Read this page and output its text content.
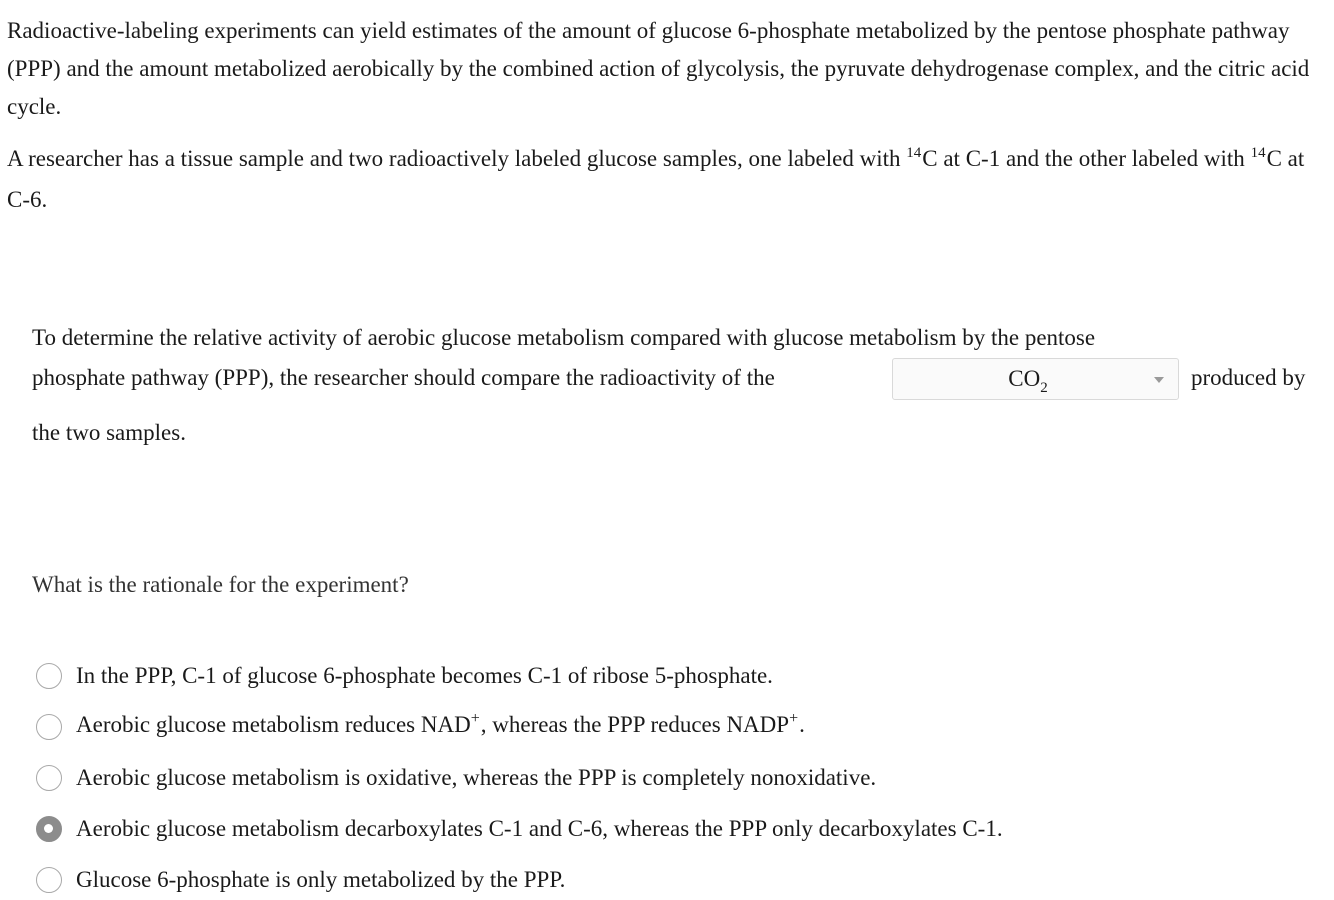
Radioactive-labeling experiments can yield estimates of the amount of glucose 6-phosphate metabolized by the pentose phosphate pathway (PPP) and the amount metabolized aerobically by the combined action of glycolysis, the pyruvate dehydrogenase complex, and the citric acid cycle.

A researcher has a tissue sample and two radioactively labeled glucose samples, one labeled with $^{14}$C at C-1 and the other labeled with $^{14}$C at C-6.

To determine the relative activity of aerobic glucose metabolism compared with glucose metabolism by the pentose
phosphate pathway (PPP), the researcher should compare the radioactivity of the
the two samples.
$CO_2$	produced by

What is the rationale for the experiment?

In the PPP, C-1 of glucose 6-phosphate becomes C-1 of ribose 5-phosphate.
Aerobic glucose metabolism reduces NAD+, whereas the PPP reduces NADP+.
Aerobic glucose metabolism is oxidative, whereas the PPP is completely nonoxidative.
Aerobic glucose metabolism decarboxylates C-1 and C-6, whereas the PPP only decarboxylates C-1.
Glucose 6-phosphate is only metabolized by the PPP.
